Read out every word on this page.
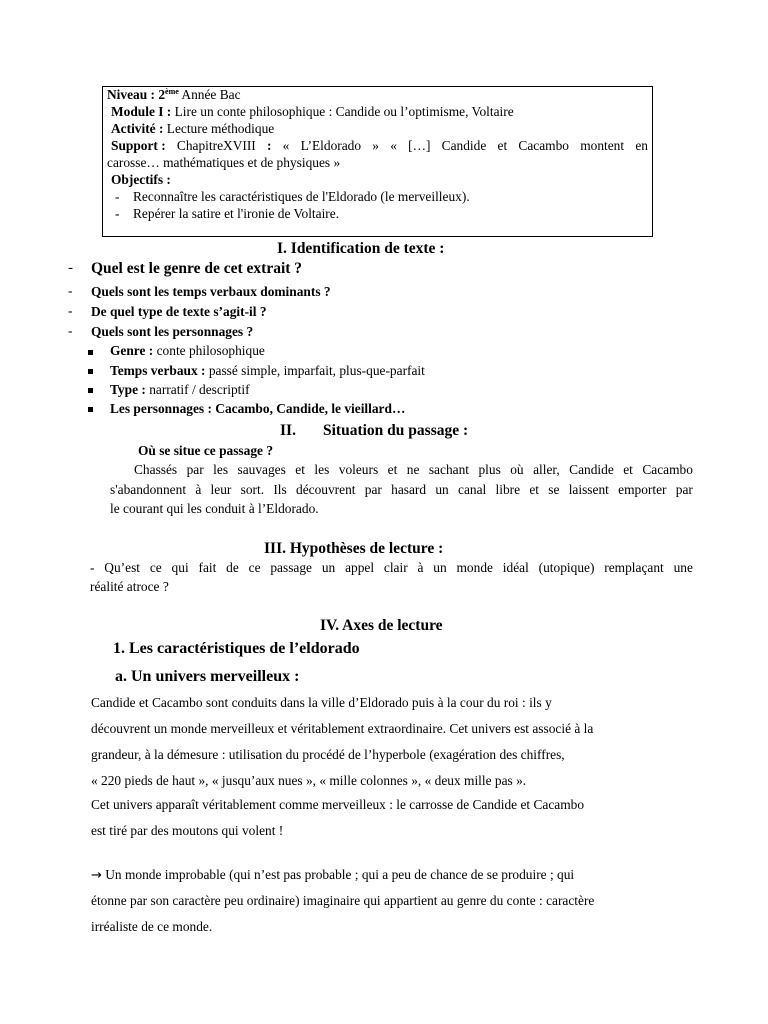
Niveau : 2ème Année Bac
Module I : Lire un conte philosophique : Candide ou l’optimisme, Voltaire
Activité : Lecture méthodique
Support : ChapitreXVIII : « L’Eldorado » « […] Candide et Cacambo montent en
carosse… mathématiques et de physiques »
Objectifs :
- Reconnaître les caractéristiques de l'Eldorado (le merveilleux).
- Repérer la satire et l'ironie de Voltaire.
I. Identification de texte :
- Quel est le genre de cet extrait ?
- Quels sont les temps verbaux dominants ?
- De quel type de texte s’agit-il ?
- Quels sont les personnages ?
Genre : conte philosophique
Temps verbaux : passé simple, imparfait, plus-que-parfait
Type : narratif / descriptif
Les personnages : Cacambo, Candide, le vieillard…
II. Situation du passage :
Où se situe ce passage ?
Chassés par les sauvages et les voleurs et ne sachant plus où aller, Candide et Cacambo
s'abandonnent à leur sort. Ils découvrent par hasard un canal libre et se laissent emporter par
le courant qui les conduit à l’Eldorado.
III. Hypothèses de lecture :
- Qu’est ce qui fait de ce passage un appel clair à un monde idéal (utopique) remplaçant une
réalité atroce ?
IV. Axes de lecture
1. Les caractéristiques de l’eldorado
a. Un univers merveilleux :
Candide et Cacambo sont conduits dans la ville d’Eldorado puis à la cour du roi : ils y
découvrent un monde merveilleux et véritablement extraordinaire. Cet univers est associé à la
grandeur, à la démesure : utilisation du procédé de l’hyperbole (exagération des chiffres,
« 220 pieds de haut », « jusqu’aux nues », « mille colonnes », « deux mille pas ».
Cet univers apparaît véritablement comme merveilleux : le carrosse de Candide et Cacambo
est tiré par des moutons qui volent !
→ Un monde improbable (qui n’est pas probable ; qui a peu de chance de se produire ; qui
étonne par son caractère peu ordinaire) imaginaire qui appartient au genre du conte : caractère
irréaliste de ce monde.
